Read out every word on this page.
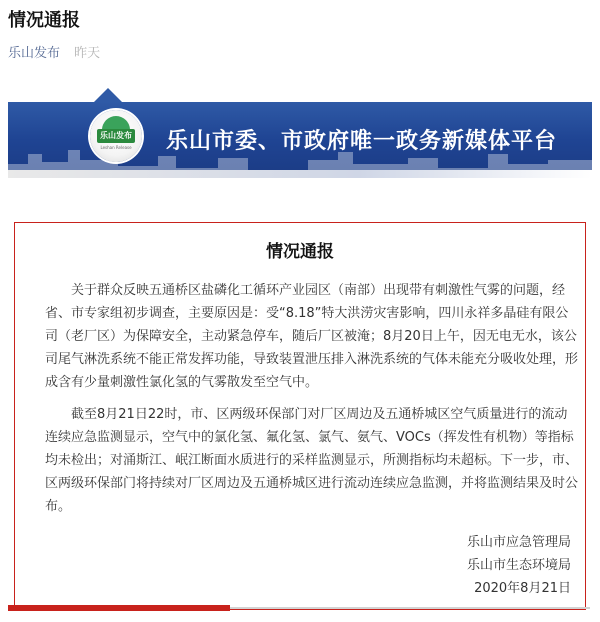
情况通报
乐山发布 昨天
乐山发布
Leshan Release 乐山市委、市政府唯一政务新媒体平台
情况通报
关于群众反映五通桥区盐磷化工循环产业园区（南部）出现带有刺激性气雾的问题，经
省、市专家组初步调查，主要原因是：受“8.18”特大洪涝灾害影响，四川永祥多晶硅有限公
司（老厂区）为保障安全，主动紧急停车，随后厂区被淹；8月20日上午，因无电无水，该公
司尾气淋洗系统不能正常发挥功能，导致装置泄压排入淋洗系统的气体未能充分吸收处理，形
成含有少量刺激性氯化氢的气雾散发至空气中。
截至8月21日22时，市、区两级环保部门对厂区周边及五通桥城区空气质量进行的流动
连续应急监测显示，空气中的氯化氢、氟化氢、氯气、氨气、VOCs（挥发性有机物）等指标
均未检出；对涌斯江、岷江断面水质进行的采样监测显示，所测指标均未超标。下一步，市、
区两级环保部门将持续对厂区周边及五通桥城区进行流动连续应急监测，并将监测结果及时公
布。
乐山市应急管理局
乐山市生态环境局
2020年8月21日
